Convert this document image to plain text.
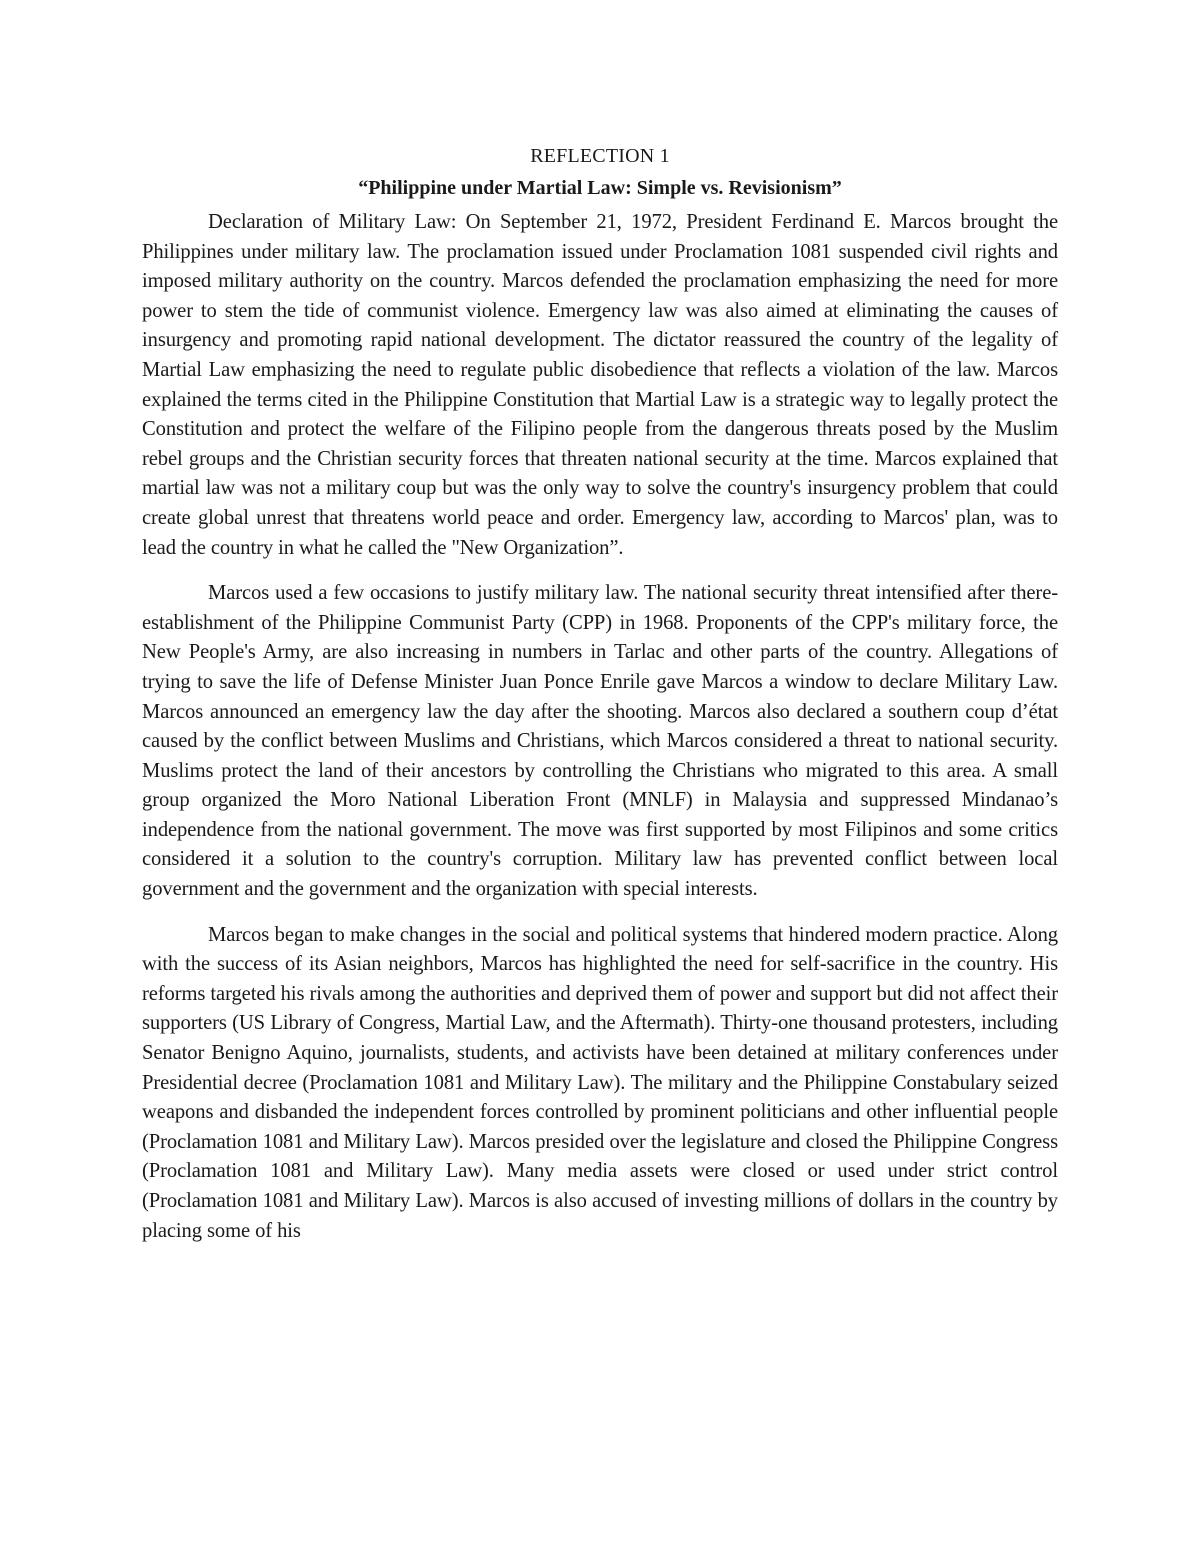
REFLECTION 1

“Philippine under Martial Law: Simple vs. Revisionism”

Declaration of Military Law: On September 21, 1972, President Ferdinand E. Marcos brought the Philippines under military law. The proclamation issued under Proclamation 1081 suspended civil rights and imposed military authority on the country. Marcos defended the proclamation emphasizing the need for more power to stem the tide of communist violence. Emergency law was also aimed at eliminating the causes of insurgency and promoting rapid national development. The dictator reassured the country of the legality of Martial Law emphasizing the need to regulate public disobedience that reflects a violation of the law. Marcos explained the terms cited in the Philippine Constitution that Martial Law is a strategic way to legally protect the Constitution and protect the welfare of the Filipino people from the dangerous threats posed by the Muslim rebel groups and the Christian security forces that threaten national security at the time. Marcos explained that martial law was not a military coup but was the only way to solve the country's insurgency problem that could create global unrest that threatens world peace and order. Emergency law, according to Marcos' plan, was to lead the country in what he called the "New Organization”.

Marcos used a few occasions to justify military law. The national security threat intensified after there-establishment of the Philippine Communist Party (CPP) in 1968. Proponents of the CPP's military force, the New People's Army, are also increasing in numbers in Tarlac and other parts of the country. Allegations of trying to save the life of Defense Minister Juan Ponce Enrile gave Marcos a window to declare Military Law. Marcos announced an emergency law the day after the shooting. Marcos also declared a southern coup d’état caused by the conflict between Muslims and Christians, which Marcos considered a threat to national security. Muslims protect the land of their ancestors by controlling the Christians who migrated to this area. A small group organized the Moro National Liberation Front (MNLF) in Malaysia and suppressed Mindanao’s independence from the national government. The move was first supported by most Filipinos and some critics considered it a solution to the country's corruption. Military law has prevented conflict between local government and the government and the organization with special interests.

Marcos began to make changes in the social and political systems that hindered modern practice. Along with the success of its Asian neighbors, Marcos has highlighted the need for self-sacrifice in the country. His reforms targeted his rivals among the authorities and deprived them of power and support but did not affect their supporters (US Library of Congress, Martial Law, and the Aftermath). Thirty-one thousand protesters, including Senator Benigno Aquino, journalists, students, and activists have been detained at military conferences under Presidential decree (Proclamation 1081 and Military Law). The military and the Philippine Constabulary seized weapons and disbanded the independent forces controlled by prominent politicians and other influential people (Proclamation 1081 and Military Law). Marcos presided over the legislature and closed the Philippine Congress (Proclamation 1081 and Military Law). Many media assets were closed or used under strict control (Proclamation 1081 and Military Law). Marcos is also accused of investing millions of dollars in the country by placing some of his
